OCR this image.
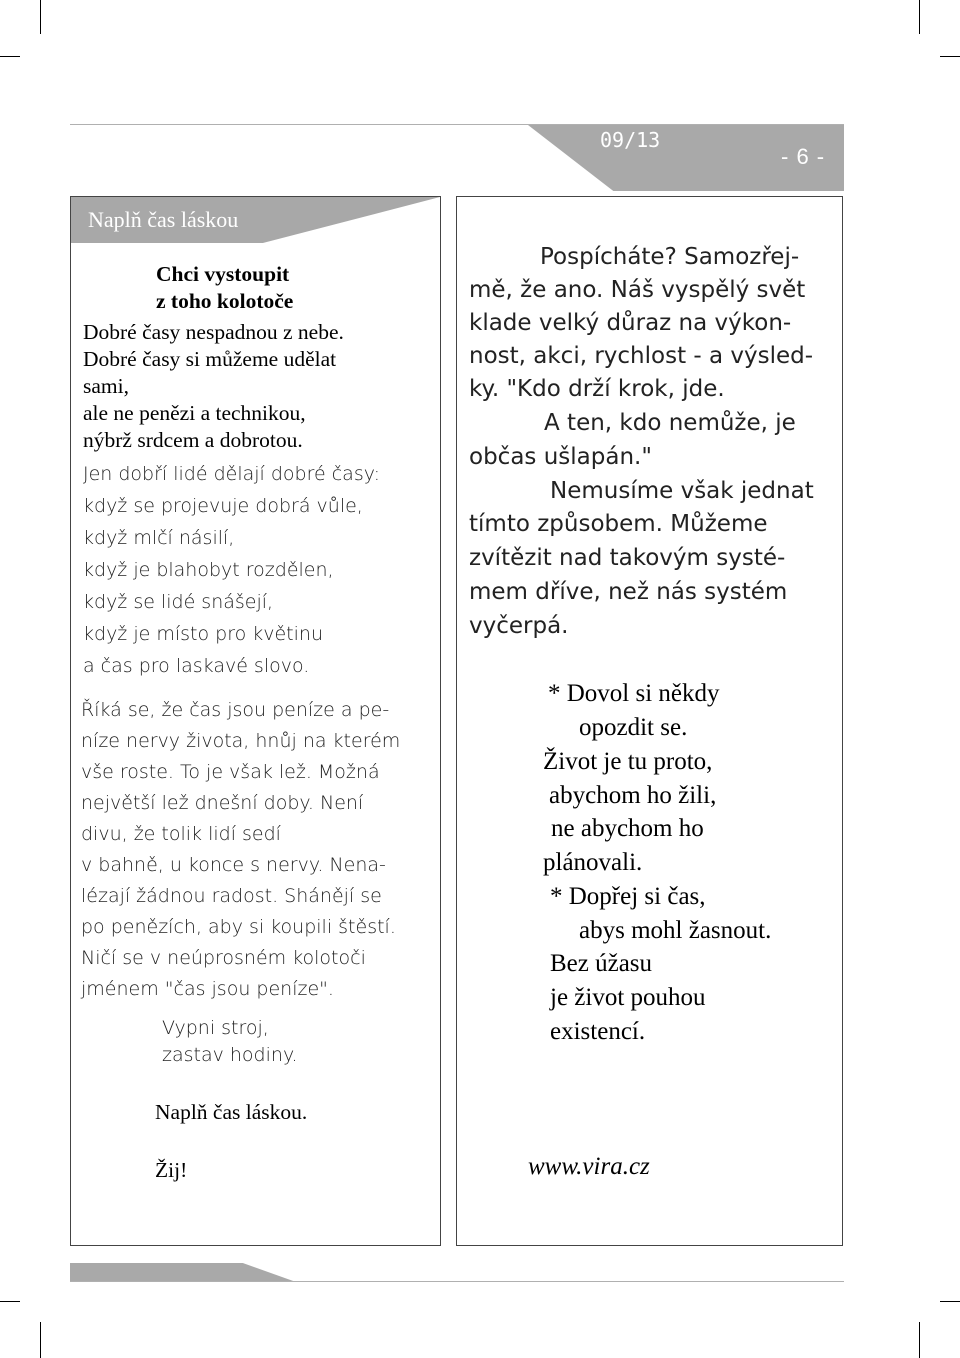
09/13
- 6 -
Naplň čas láskou
Chci vystoupit
z toho kolotoče
Dobré časy nespadnou z nebe.
Dobré časy si můžeme udělat
sami,
ale ne penězi a technikou,
nýbrž srdcem a dobrotou.
Jen dobří lidé dělají dobré časy:
když se projevuje dobrá vůle,
když mlčí násilí,
když je blahobyt rozdělen,
když se lidé snášejí,
když je místo pro květinu
a čas pro laskavé slovo.
Říká se, že čas jsou peníze a pe-
níze nervy života, hnůj na kterém
vše roste. To je však lež. Možná
největší lež dnešní doby. Není
divu, že tolik lidí sedí
v bahně, u konce s nervy. Nena-
lézají žádnou radost. Shánějí se
po penězích, aby si koupili štěstí.
Ničí se v neúprosném kolotoči
jménem "čas jsou peníze".
Vypni stroj,
zastav hodiny.
Naplň čas láskou.
Žij!
Pospícháte? Samozřej-
mě, že ano. Náš vyspělý svět
klade velký důraz na výkon-
nost, akci, rychlost - a výsled-
ky. "Kdo drží krok, jde.
A ten, kdo nemůže, je
občas ušlapán."
Nemusíme však jednat
tímto způsobem. Můžeme
zvítězit nad takovým systé-
mem dříve, než nás systém
vyčerpá.
* Dovol si někdy
opozdit se.
Život je tu proto,
abychom ho žili,
ne abychom ho
plánovali.
* Dopřej si čas,
abys mohl žasnout.
Bez úžasu
je život pouhou
existencí.
www.vira.cz
